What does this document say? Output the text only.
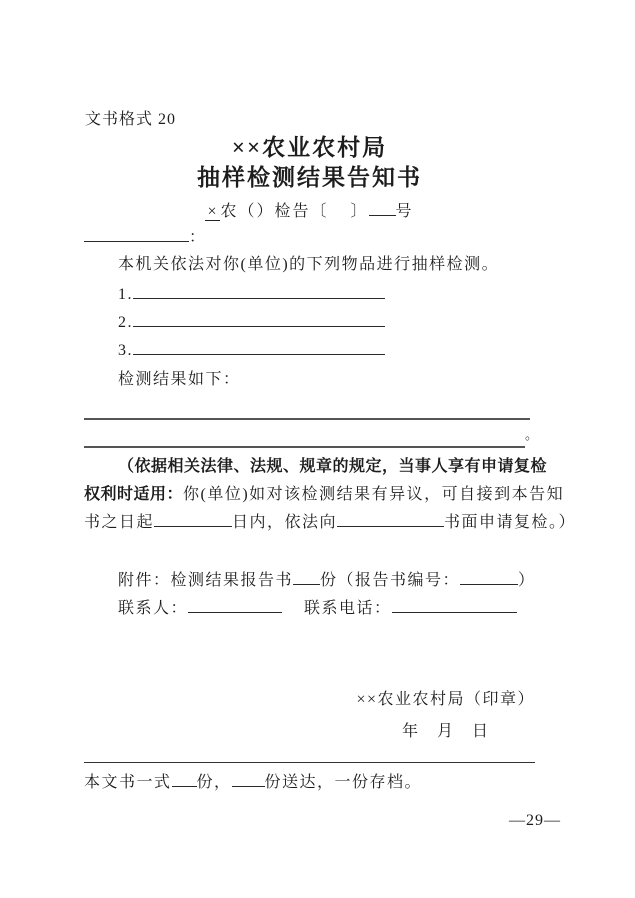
文书格式 20
××农业农村局
抽样检测结果告知书
× 农（）检告〔 〕 号
：
本机关依法对你(单位)的下列物品进行抽样检测。
1.
2.
3.
检测结果如下：
。
（依据相关法律、法规、规章的规定，当事人享有申请复检
权利时适用：你(单位)如对该检测结果有异议，可自接到本告知
书之日起	日内，依法向	书面申请复检。）
附件：检测结果报告书 份（报告书编号：	）
联系人：	联系电话：
××农业农村局（印章）
年　月　日
本文书一式 份， 份送达，一份存档。
—29—
